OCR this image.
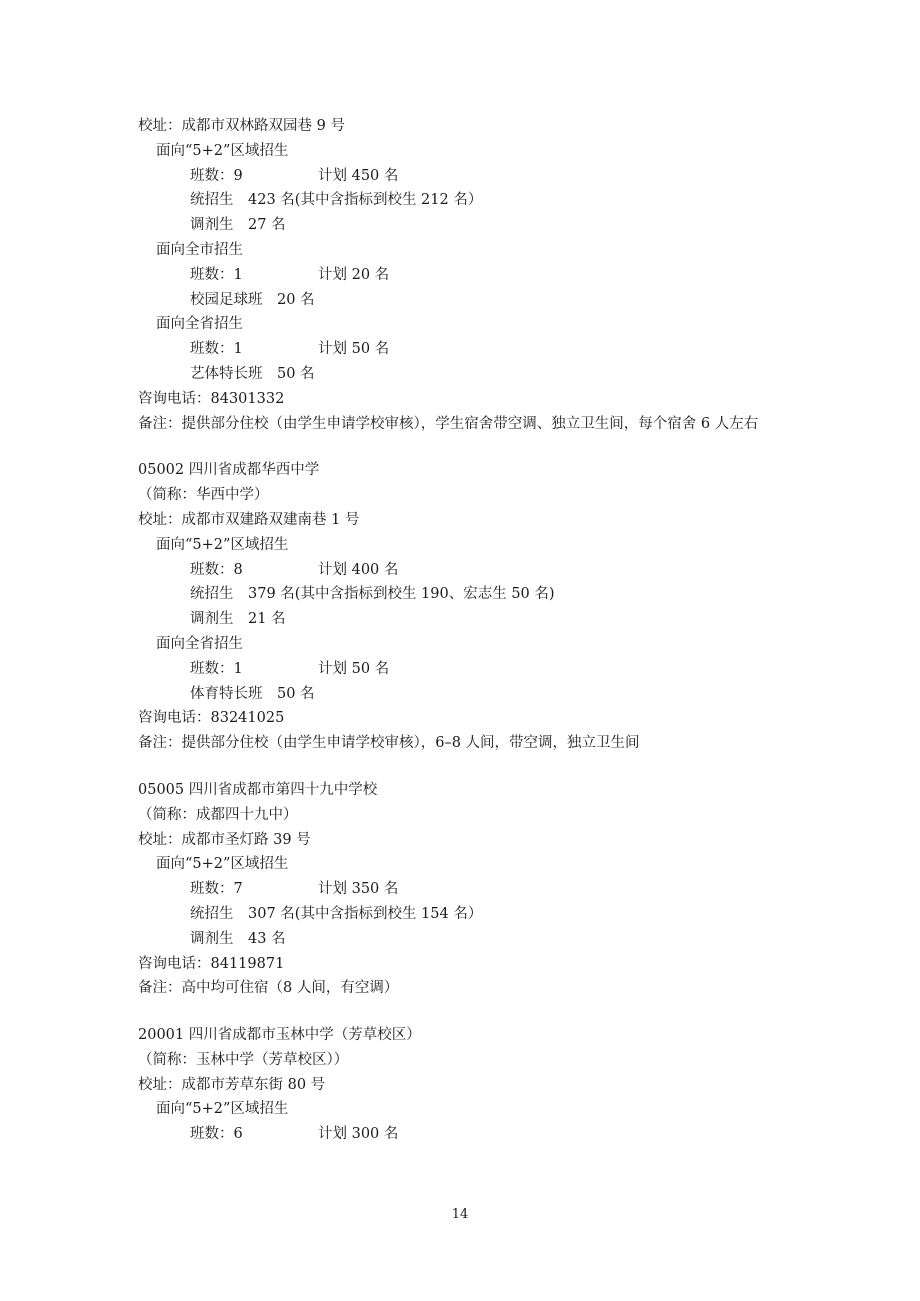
校址：成都市双林路双园巷 9 号
面向“5+2”区域招生
班数：9	计划 450 名
统招生　423 名(其中含指标到校生 212 名）
调剂生　27 名
面向全市招生
班数：1	计划 20 名
校园足球班　20 名
面向全省招生
班数：1	计划 50 名
艺体特长班　50 名
咨询电话：84301332
备注：提供部分住校（由学生申请学校审核），学生宿舍带空调、独立卫生间，每个宿舍 6 人左右
05002 四川省成都华西中学
（简称：华西中学）
校址：成都市双建路双建南巷 1 号
面向“5+2”区域招生
班数：8	计划 400 名
统招生　379 名(其中含指标到校生 190、宏志生 50 名)
调剂生　21 名
面向全省招生
班数：1	计划 50 名
体育特长班　50 名
咨询电话：83241025
备注：提供部分住校（由学生申请学校审核），6–8 人间，带空调，独立卫生间
05005 四川省成都市第四十九中学校
（简称：成都四十九中）
校址：成都市圣灯路 39 号
面向“5+2”区域招生
班数：7	计划 350 名
统招生　307 名(其中含指标到校生 154 名）
调剂生　43 名
咨询电话：84119871
备注：高中均可住宿（8 人间，有空调）
20001 四川省成都市玉林中学（芳草校区）
（简称：玉林中学（芳草校区））
校址：成都市芳草东街 80 号
面向“5+2”区域招生
班数：6	计划 300 名
14
